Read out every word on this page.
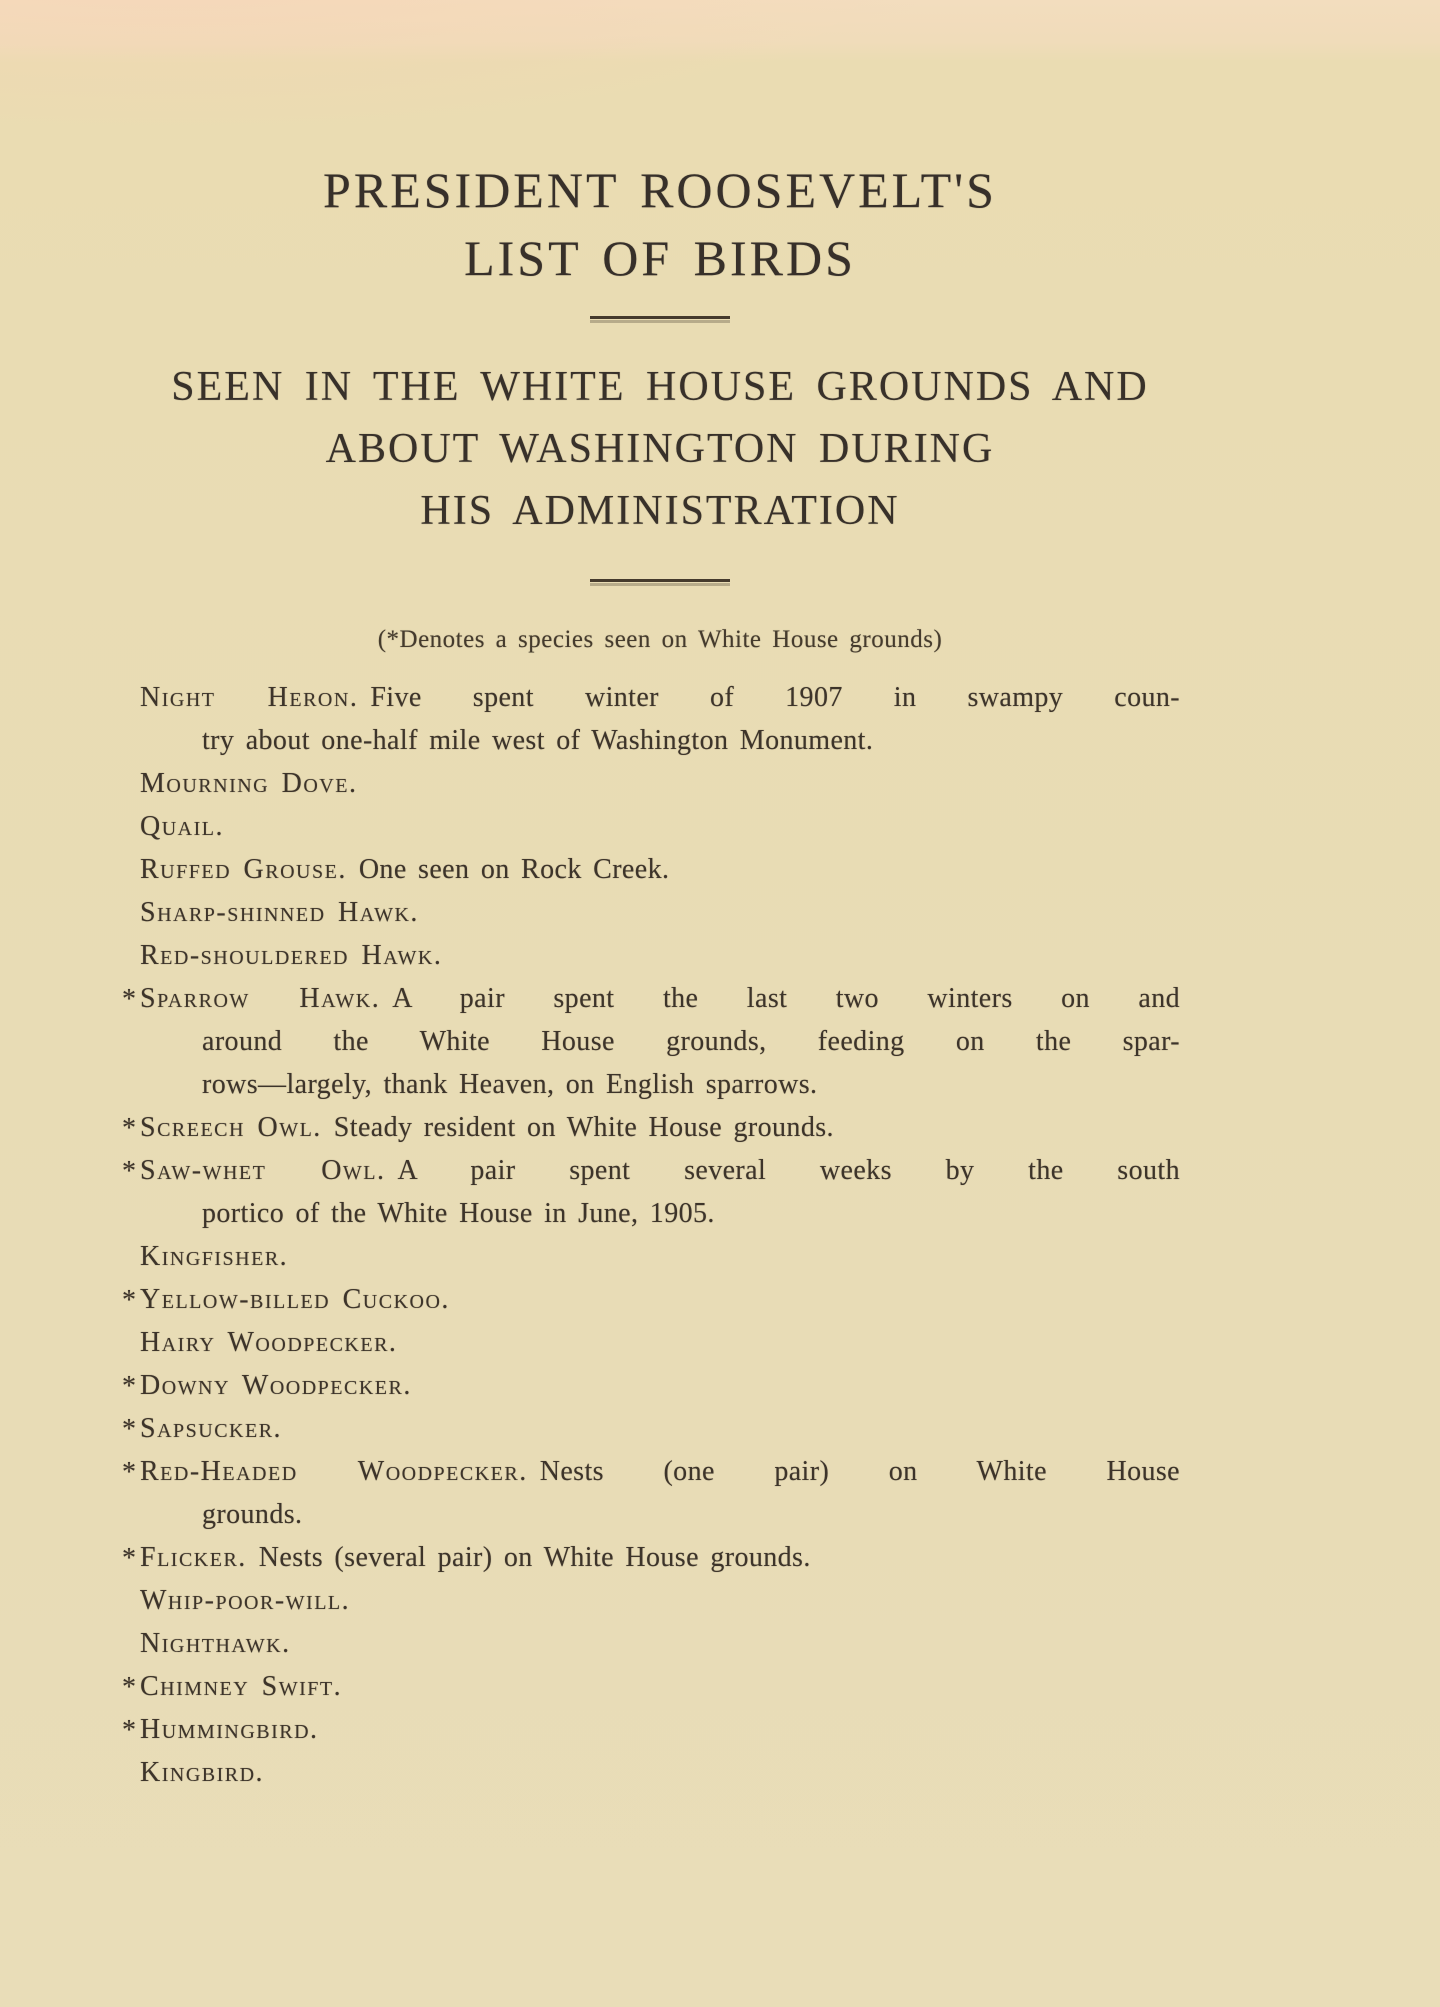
PRESIDENT ROOSEVELT'S
LIST OF BIRDS
SEEN IN THE WHITE HOUSE GROUNDS AND
ABOUT WASHINGTON DURING
HIS ADMINISTRATION
(*Denotes a species seen on White House grounds)
Night Heron. Five spent winter of 1907 in swampy coun-
try about one-half mile west of Washington Monument.
Mourning Dove.
Quail.
Ruffed Grouse. One seen on Rock Creek.
Sharp-shinned Hawk.
Red-shouldered Hawk.
* Sparrow Hawk. A pair spent the last two winters on and
around the White House grounds, feeding on the spar-
rows—largely, thank Heaven, on English sparrows.
* Screech Owl. Steady resident on White House grounds.
* Saw-whet Owl. A pair spent several weeks by the south
portico of the White House in June, 1905.
Kingfisher.
* Yellow-billed Cuckoo.
Hairy Woodpecker.
* Downy Woodpecker.
* Sapsucker.
* Red-Headed Woodpecker. Nests (one pair) on White House
grounds.
* Flicker. Nests (several pair) on White House grounds.
Whip-poor-will.
Nighthawk.
* Chimney Swift.
* Hummingbird.
Kingbird.
